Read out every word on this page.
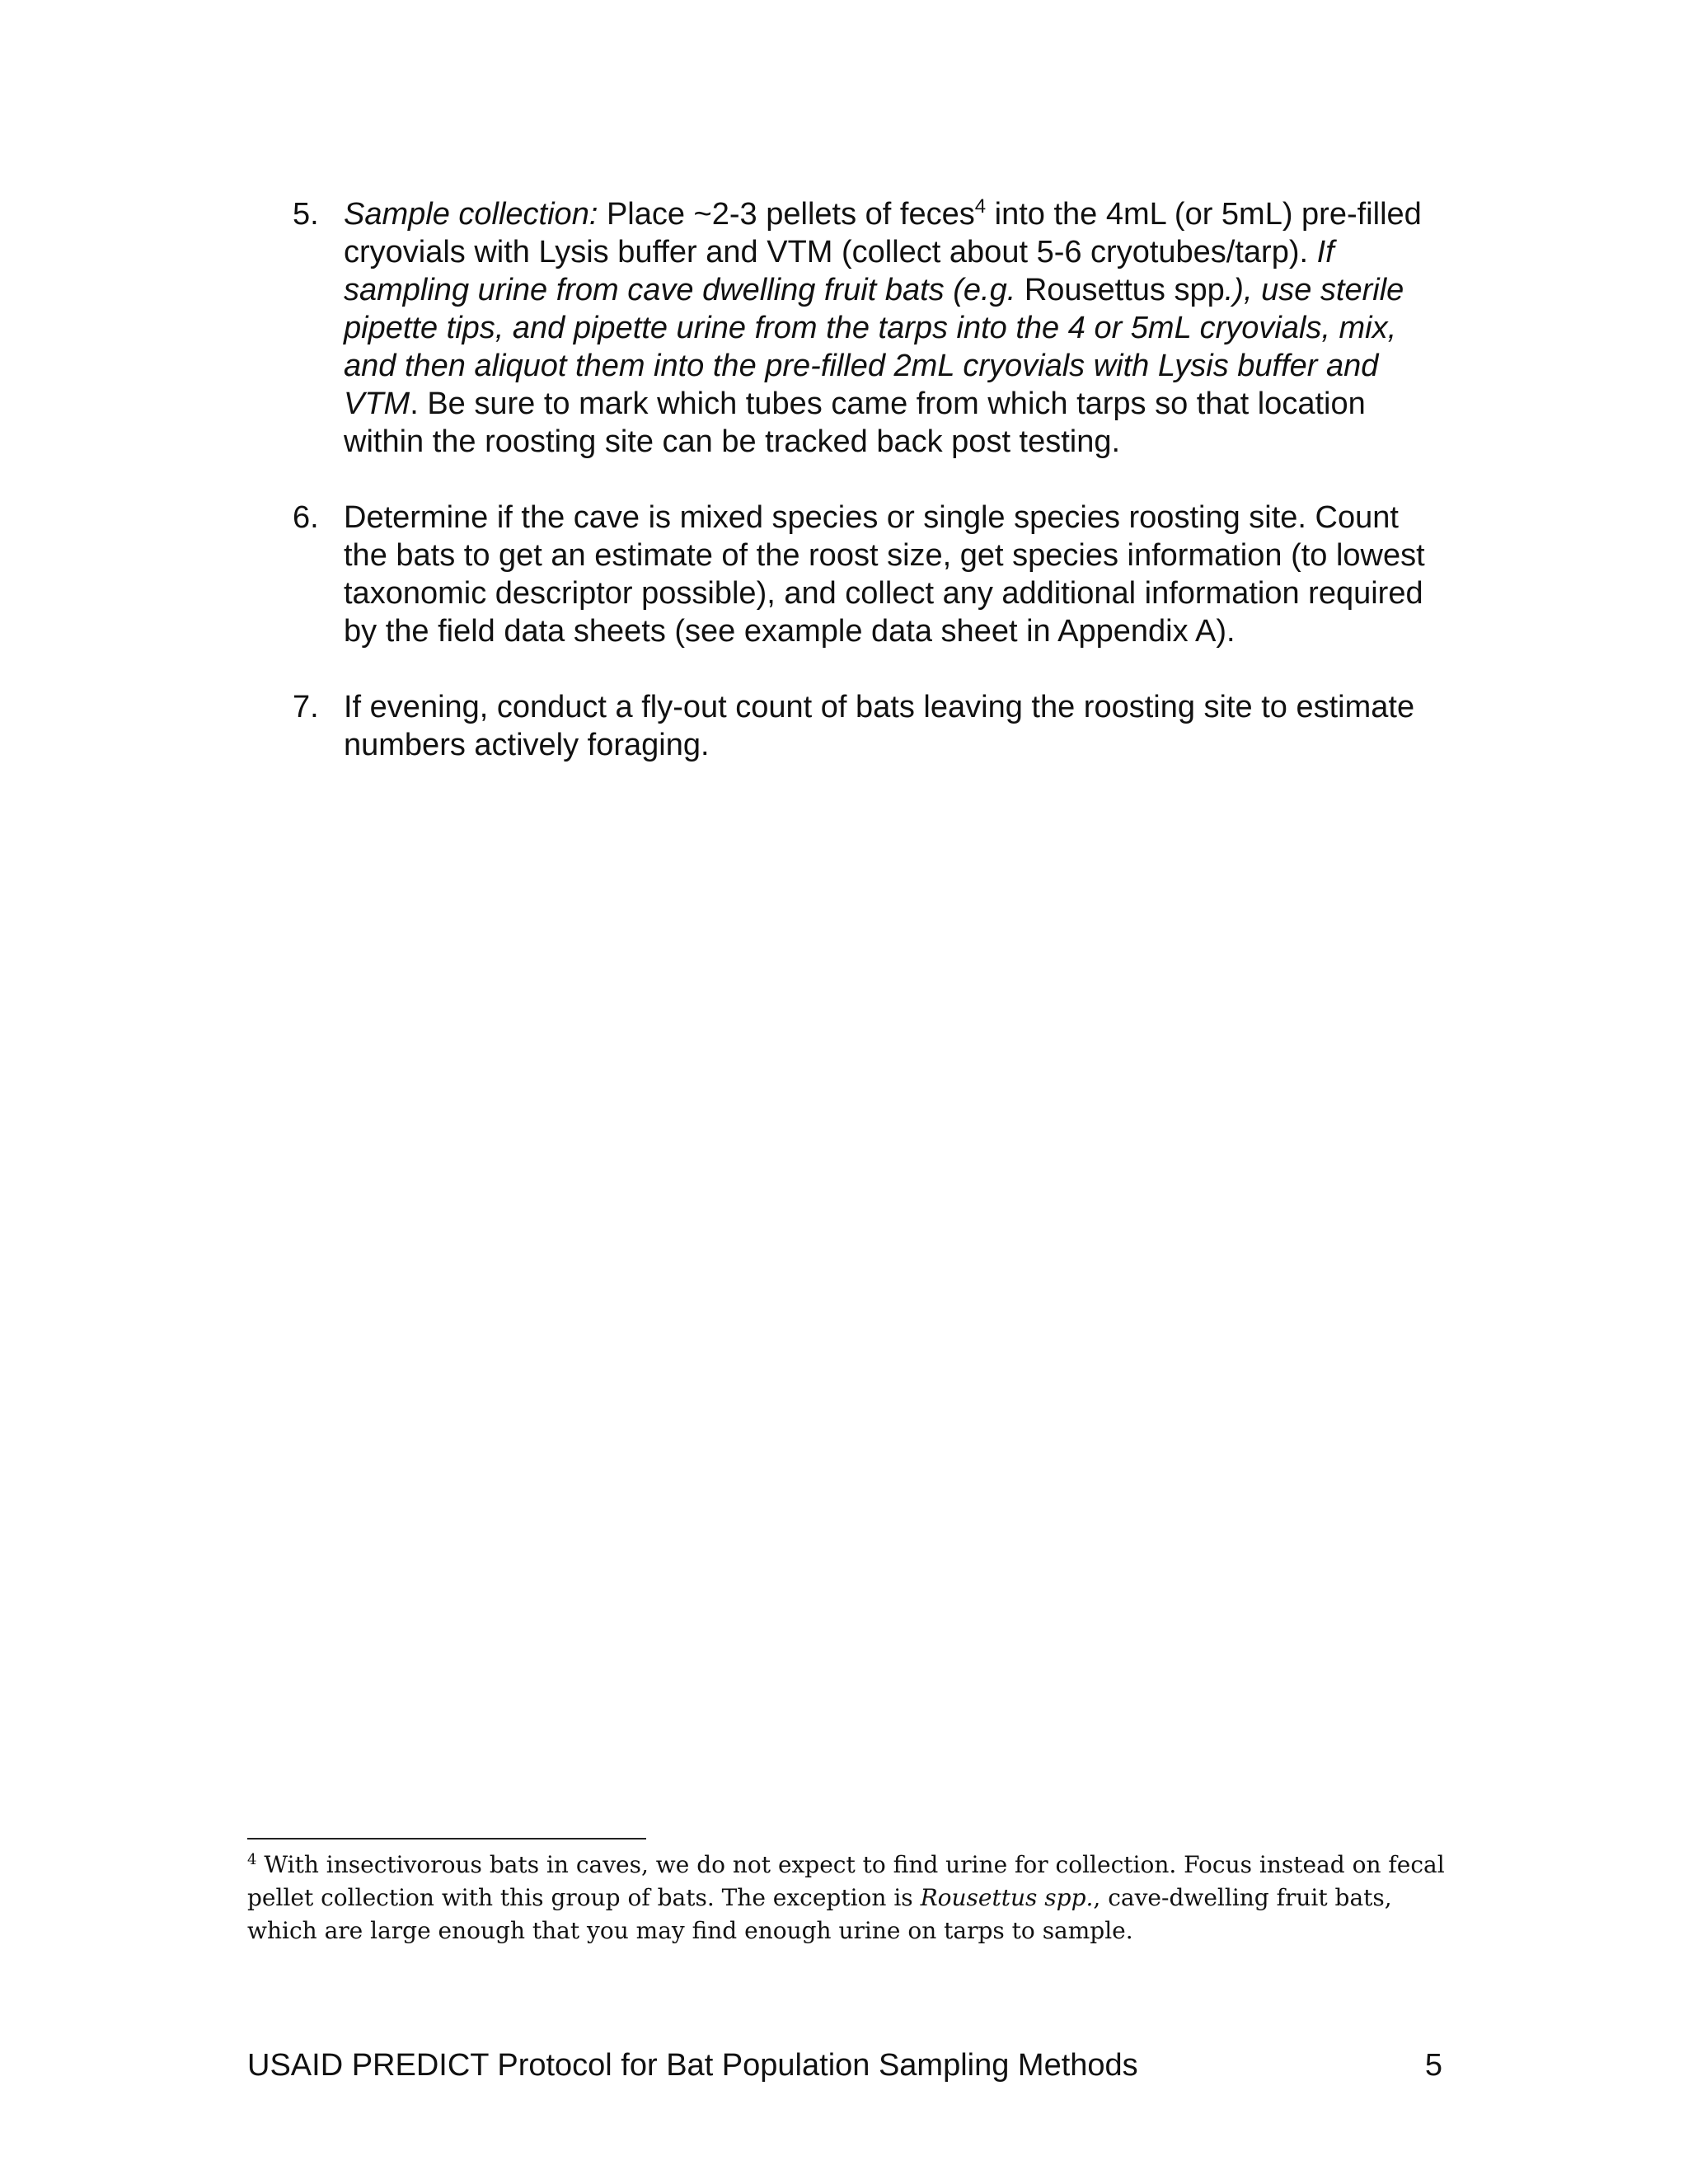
5. Sample collection: Place ~2-3 pellets of feces$^4$ into the 4mL (or 5mL) pre-filled cryovials with Lysis buffer and VTM (collect about 5-6 cryotubes/tarp). If sampling urine from cave dwelling fruit bats (e.g. Rousettus spp.), use sterile pipette tips, and pipette urine from the tarps into the 4 or 5mL cryovials, mix, and then aliquot them into the pre-filled 2mL cryovials with Lysis buffer and VTM. Be sure to mark which tubes came from which tarps so that location within the roosting site can be tracked back post testing.

6. Determine if the cave is mixed species or single species roosting site. Count the bats to get an estimate of the roost size, get species information (to lowest taxonomic descriptor possible), and collect any additional information required by the field data sheets (see example data sheet in Appendix A).

7. If evening, conduct a fly-out count of bats leaving the roosting site to estimate numbers actively foraging.

$^4$ With insectivorous bats in caves, we do not expect to find urine for collection. Focus instead on fecal pellet collection with this group of bats. The exception is Rousettus spp., cave-dwelling fruit bats, which are large enough that you may find enough urine on tarps to sample.

USAID PREDICT Protocol for Bat Population Sampling Methods	5
